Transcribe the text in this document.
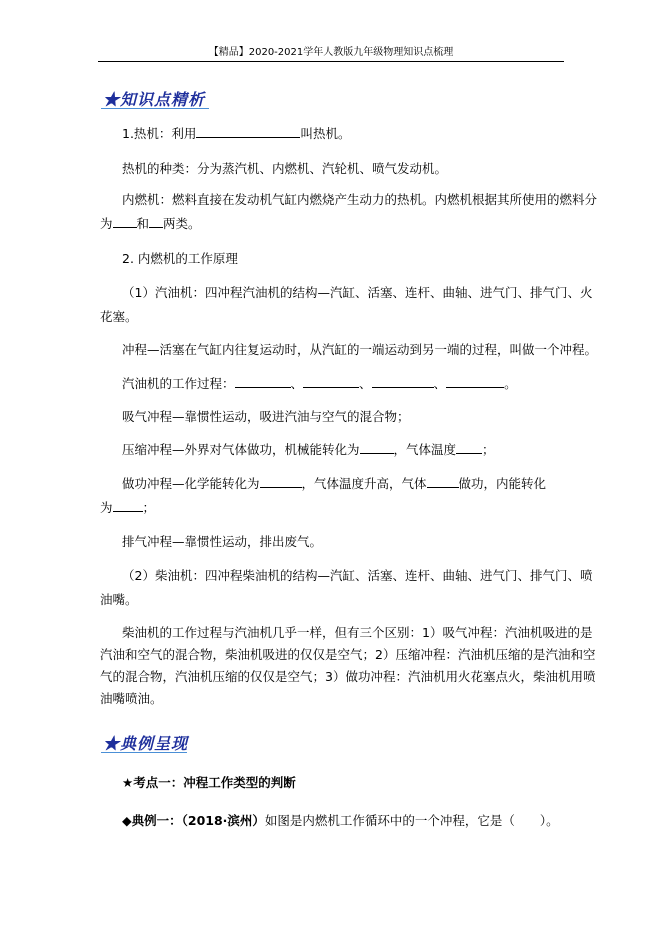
【精品】2020-2021学年人教版九年级物理知识点梳理
★知识点精析
1.热机：利用	叫热机。
热机的种类：分为蒸汽机、内燃机、汽轮机、喷气发动机。
内燃机：燃料直接在发动机气缸内燃烧产生动力的热机。内燃机根据其所使用的燃料分
为 和 两类。
2. 内燃机的工作原理
（1）汽油机：四冲程汽油机的结构—汽缸、活塞、连杆、曲轴、进气门、排气门、火
花塞。
冲程—活塞在气缸内往复运动时，从汽缸的一端运动到另一端的过程，叫做一个冲程。
汽油机的工作过程：	、	、	、	。
吸气冲程—靠惯性运动，吸进汽油与空气的混合物；
压缩冲程—外界对气体做功，机械能转化为	，气体温度 ；
做功冲程—化学能转化为	，气体温度升高，气体	做功，内能转化
为 ；
排气冲程—靠惯性运动，排出废气。
（2）柴油机：四冲程柴油机的结构—汽缸、活塞、连杆、曲轴、进气门、排气门、喷
油嘴。
柴油机的工作过程与汽油机几乎一样，但有三个区别：1）吸气冲程：汽油机吸进的是
汽油和空气的混合物，柴油机吸进的仅仅是空气；2）压缩冲程：汽油机压缩的是汽油和空
气的混合物，汽油机压缩的仅仅是空气；3）做功冲程：汽油机用火花塞点火，柴油机用喷
油嘴喷油。
★典例呈现
★考点一：冲程工作类型的判断
◆典例一：（2018·滨州）如图是内燃机工作循环中的一个冲程，它是（　　）。
